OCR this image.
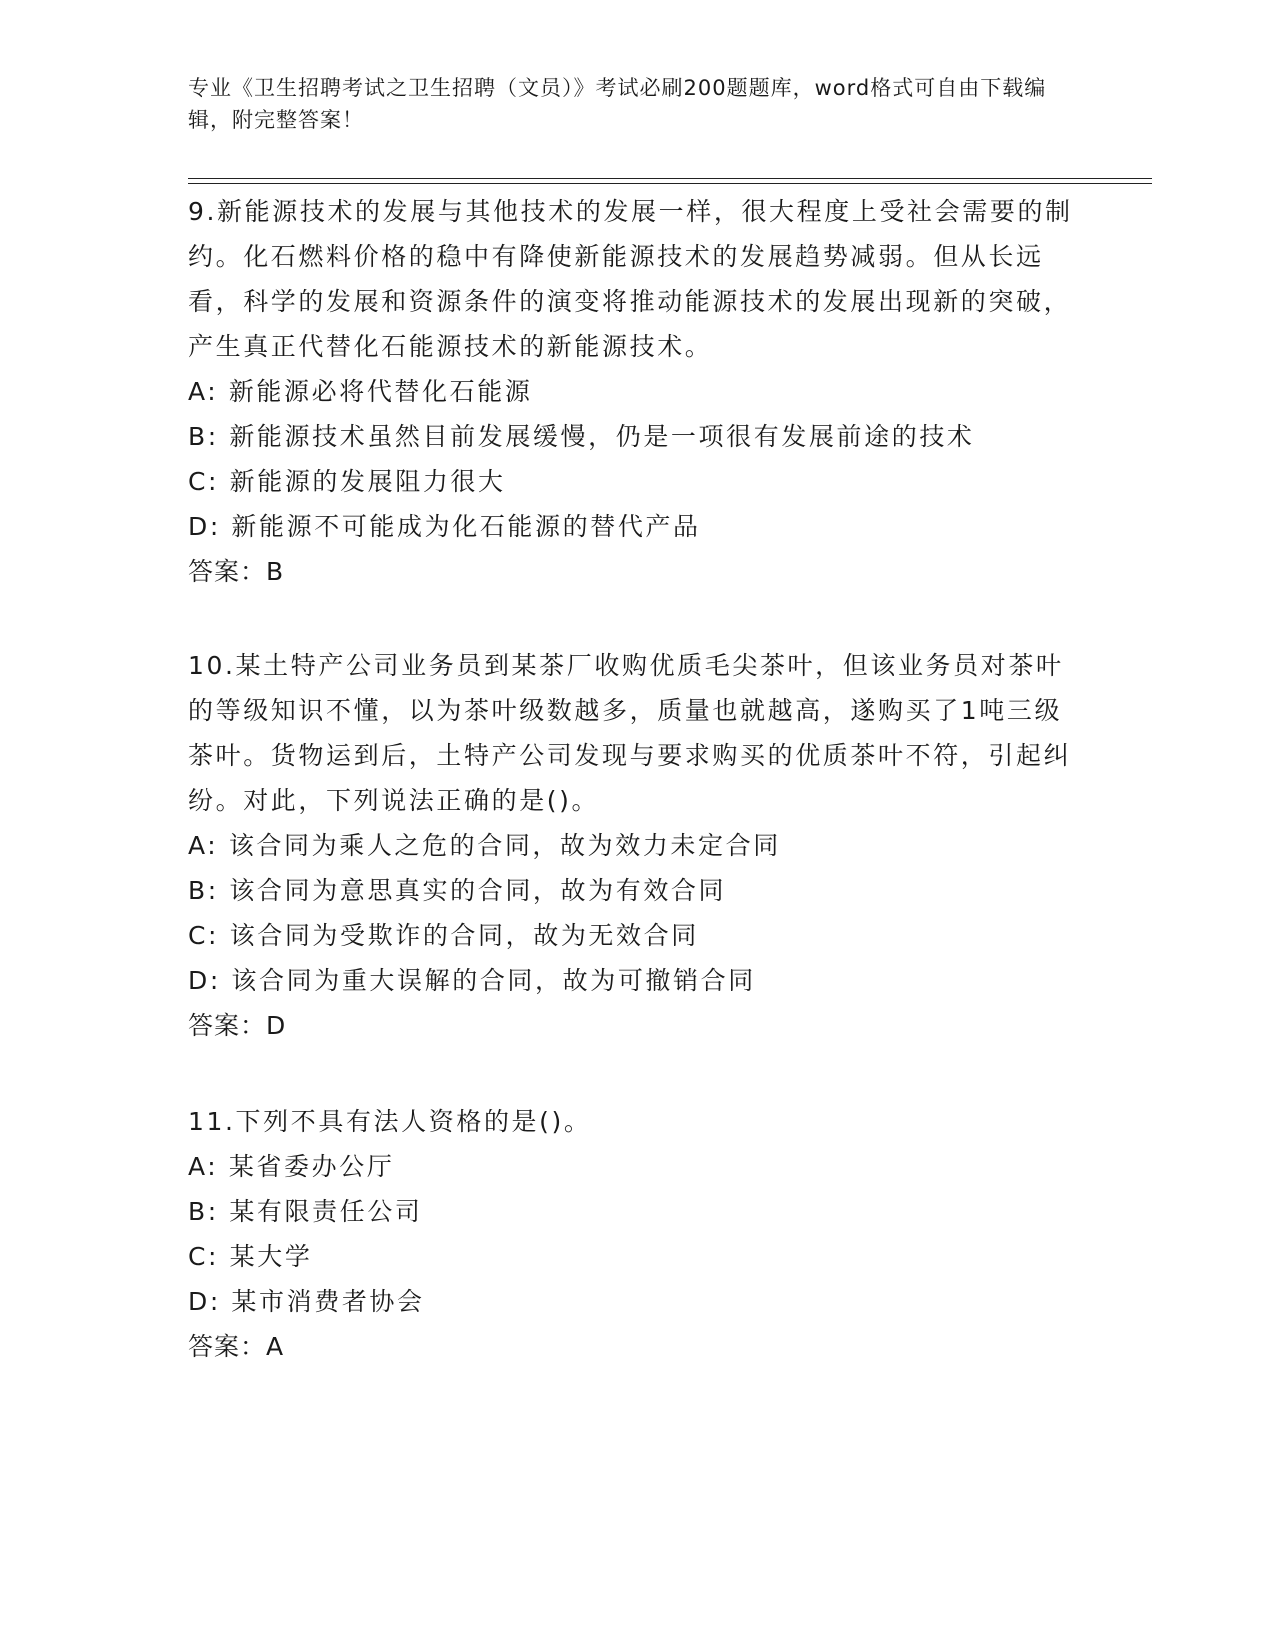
专业《卫生招聘考试之卫生招聘（文员）》考试必刷200题题库，word格式可自由下载编辑，附完整答案！

9.新能源技术的发展与其他技术的发展一样，很大程度上受社会需要的制约。化石燃料价格的稳中有降使新能源技术的发展趋势减弱。但从长远看，科学的发展和资源条件的演变将推动能源技术的发展出现新的突破，产生真正代替化石能源技术的新能源技术。

A: 新能源必将代替化石能源

B: 新能源技术虽然目前发展缓慢，仍是一项很有发展前途的技术

C: 新能源的发展阻力很大

D: 新能源不可能成为化石能源的替代产品

答案：B

10.某土特产公司业务员到某茶厂收购优质毛尖茶叶，但该业务员对茶叶的等级知识不懂，以为茶叶级数越多，质量也就越高，遂购买了1吨三级茶叶。货物运到后，土特产公司发现与要求购买的优质茶叶不符，引起纠纷。对此，下列说法正确的是()。

A: 该合同为乘人之危的合同，故为效力未定合同

B: 该合同为意思真实的合同，故为有效合同

C: 该合同为受欺诈的合同，故为无效合同

D: 该合同为重大误解的合同，故为可撤销合同

答案：D

11.下列不具有法人资格的是()。

A: 某省委办公厅

B: 某有限责任公司

C: 某大学

D: 某市消费者协会

答案：A
